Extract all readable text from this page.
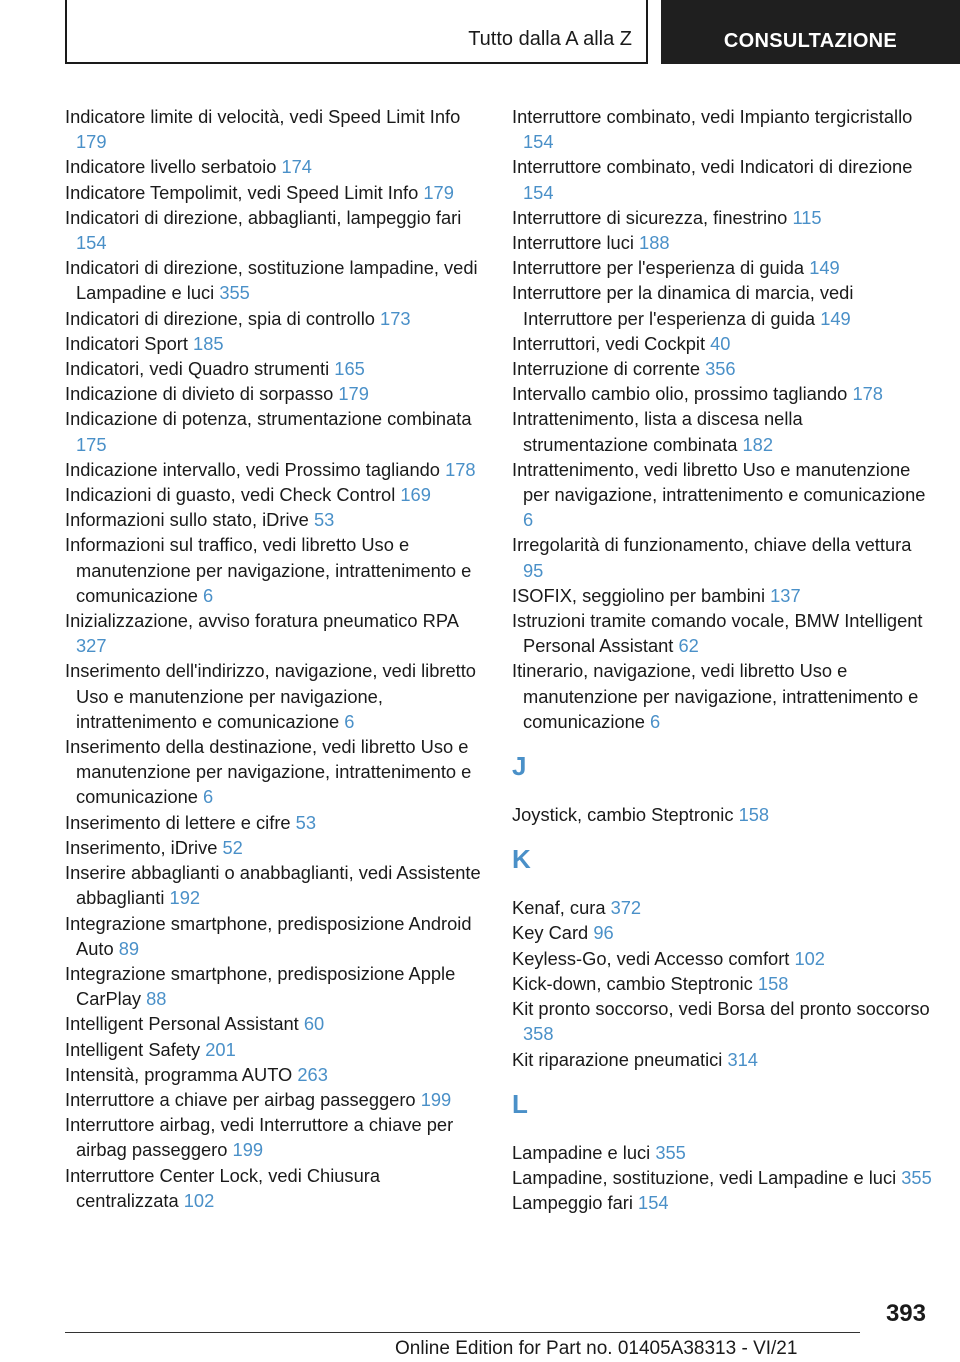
Tutto dalla A alla Z	CONSULTAZIONE

Indicatore limite di velocità, vedi Speed Limit Info 179

Indicatore livello serbatoio 174

Indicatore Tempolimit, vedi Speed Limit Info 179

Indicatori di direzione, abbaglianti, lampeggio fari 154

Indicatori di direzione, sostituzione lampadine, vedi Lampadine e luci 355

Indicatori di direzione, spia di controllo 173

Indicatori Sport 185

Indicatori, vedi Quadro strumenti 165

Indicazione di divieto di sorpasso 179

Indicazione di potenza, strumentazione combinata 175

Indicazione intervallo, vedi Prossimo tagliando 178

Indicazioni di guasto, vedi Check Control 169

Informazioni sullo stato, iDrive 53

Informazioni sul traffico, vedi libretto Uso e manutenzione per navigazione, intrattenimento e comunicazione 6

Inizializzazione, avviso foratura pneumatico RPA 327

Inserimento dell'indirizzo, navigazione, vedi libretto Uso e manutenzione per navigazione, intrattenimento e comunicazione 6

Inserimento della destinazione, vedi libretto Uso e manutenzione per navigazione, intrattenimento e comunicazione 6

Inserimento di lettere e cifre 53

Inserimento, iDrive 52

Inserire abbaglianti o anabbaglianti, vedi Assistente abbaglianti 192

Integrazione smartphone, predisposizione Android Auto 89

Integrazione smartphone, predisposizione Apple CarPlay 88

Intelligent Personal Assistant 60

Intelligent Safety 201

Intensità, programma AUTO 263

Interruttore a chiave per airbag passeggero 199

Interruttore airbag, vedi Interruttore a chiave per airbag passeggero 199

Interruttore Center Lock, vedi Chiusura centralizzata 102

Interruttore combinato, vedi Impianto tergicristallo 154

Interruttore combinato, vedi Indicatori di direzione 154

Interruttore di sicurezza, finestrino 115

Interruttore luci 188

Interruttore per l'esperienza di guida 149

Interruttore per la dinamica di marcia, vedi Interruttore per l'esperienza di guida 149

Interruttori, vedi Cockpit 40

Interruzione di corrente 356

Intervallo cambio olio, prossimo tagliando 178

Intrattenimento, lista a discesa nella strumentazione combinata 182

Intrattenimento, vedi libretto Uso e manutenzione per navigazione, intrattenimento e comunicazione 6

Irregolarità di funzionamento, chiave della vettura 95

ISOFIX, seggiolino per bambini 137

Istruzioni tramite comando vocale, BMW Intelligent Personal Assistant 62

Itinerario, navigazione, vedi libretto Uso e manutenzione per navigazione, intrattenimento e comunicazione 6

J

Joystick, cambio Steptronic 158

K

Kenaf, cura 372

Key Card 96

Keyless-Go, vedi Accesso comfort 102

Kick-down, cambio Steptronic 158

Kit pronto soccorso, vedi Borsa del pronto soccorso 358

Kit riparazione pneumatici 314

L

Lampadine e luci 355

Lampadine, sostituzione, vedi Lampadine e luci 355

Lampeggio fari 154

393
Online Edition for Part no. 01405A38313 - VI/21
